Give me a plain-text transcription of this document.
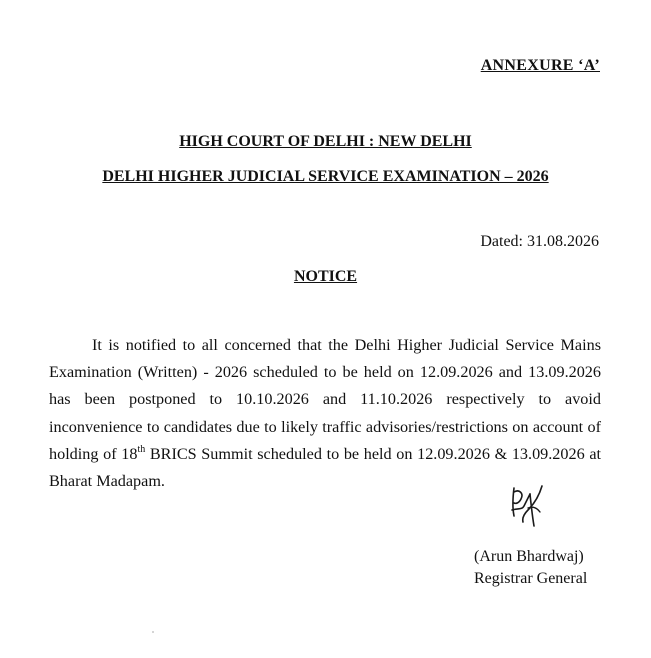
ANNEXURE ‘A’
HIGH COURT OF DELHI : NEW DELHI
DELHI HIGHER JUDICIAL SERVICE EXAMINATION – 2026
Dated: 31.08.2026
NOTICE
It is notified to all concerned that the Delhi Higher Judicial Service Mains Examination (Written) - 2026 scheduled to be held on 12.09.2026 and 13.09.2026 has been postponed to 10.10.2026 and 11.10.2026 respectively to avoid inconvenience to candidates due to likely traffic advisories/restrictions on account of holding of 18th BRICS Summit scheduled to be held on 12.09.2026 & 13.09.2026 at Bharat Madapam.
(Arun Bhardwaj)
Registrar General
